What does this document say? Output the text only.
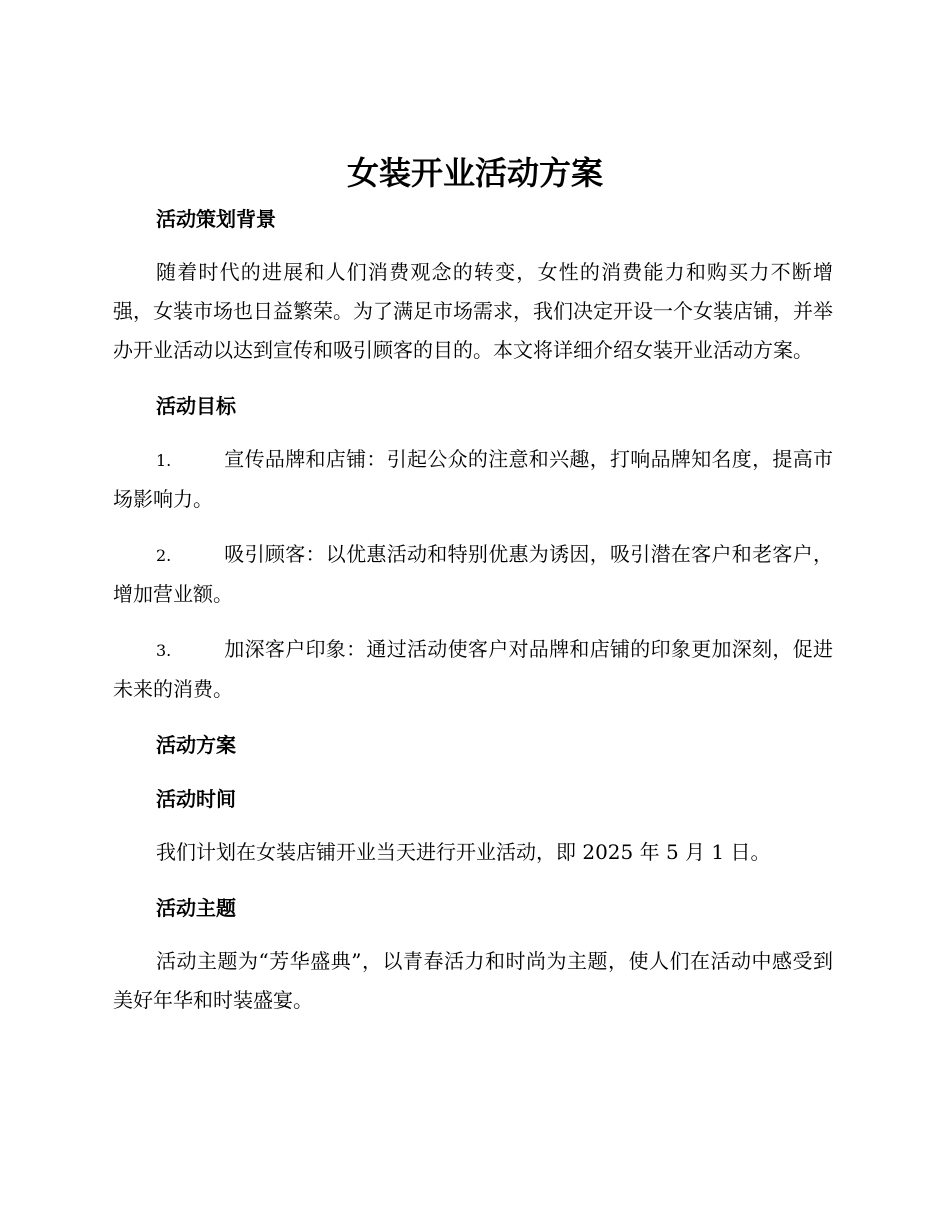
女装开业活动方案
活动策划背景

随着时代的进展和人们消费观念的转变，女性的消费能力和购买力不断增强，女装市场也日益繁荣。为了满足市场需求，我们决定开设一个女装店铺，并举办开业活动以达到宣传和吸引顾客的目的。本文将详细介绍女装开业活动方案。

活动目标
1.	宣传品牌和店铺：引起公众的注意和兴趣，打响品牌知名度，提高市场影响力。
2.	吸引顾客：以优惠活动和特别优惠为诱因，吸引潜在客户和老客户，增加营业额。
3.	加深客户印象：通过活动使客户对品牌和店铺的印象更加深刻，促进未来的消费。
活动方案
活动时间

我们计划在女装店铺开业当天进行开业活动，即 2025 年 5 月 1 日。

活动主题

活动主题为“芳华盛典”，以青春活力和时尚为主题，使人们在活动中感受到美好年华和时装盛宴。
